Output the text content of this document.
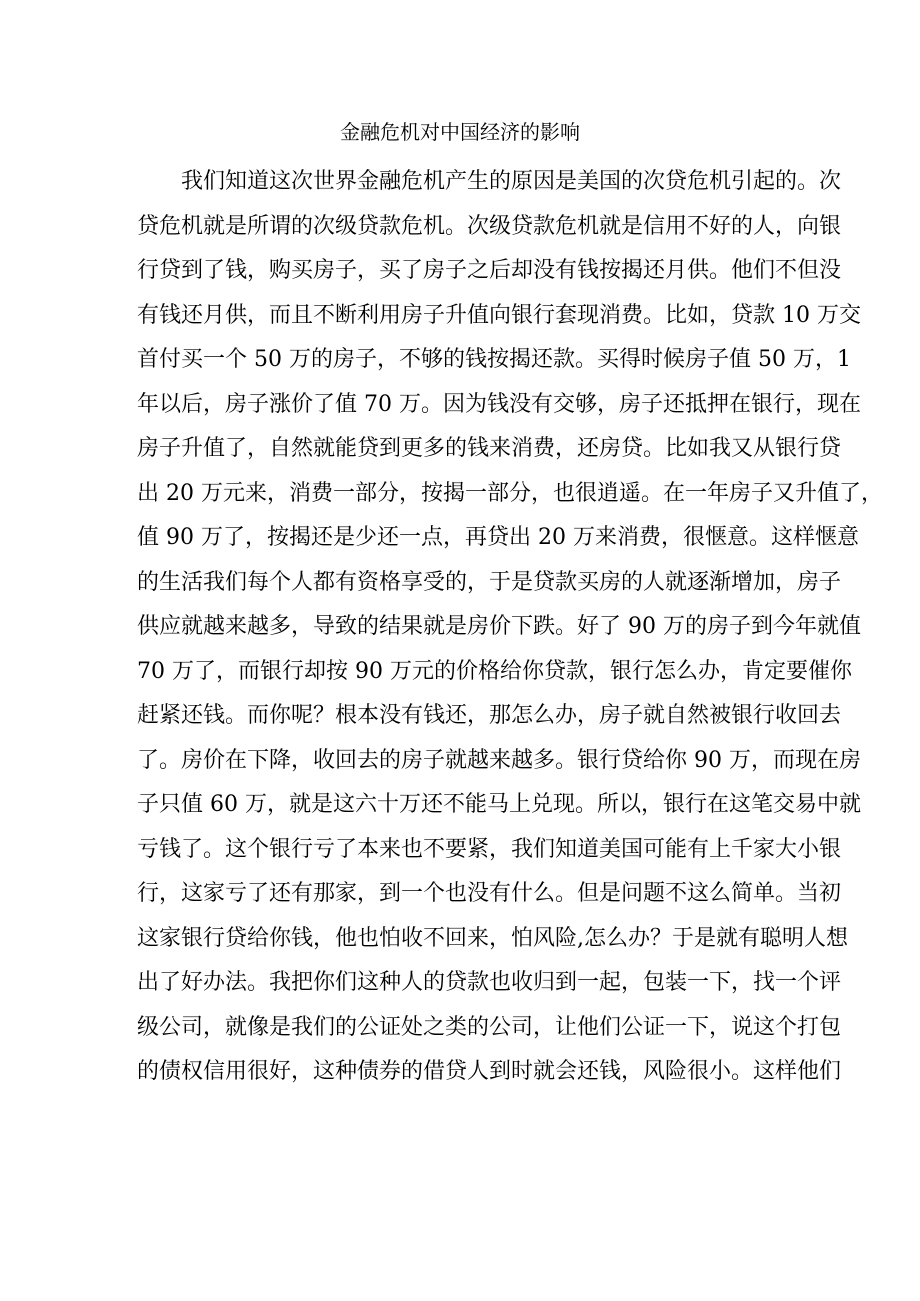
金融危机对中国经济的影响
我们知道这次世界金融危机产生的原因是美国的次贷危机引起的。次
贷危机就是所谓的次级贷款危机。次级贷款危机就是信用不好的人，向银
行贷到了钱，购买房子，买了房子之后却没有钱按揭还月供。他们不但没
有钱还月供，而且不断利用房子升值向银行套现消费。比如，贷款 10 万交
首付买一个 50 万的房子，不够的钱按揭还款。买得时候房子值 50 万，1
年以后，房子涨价了值 70 万。因为钱没有交够，房子还抵押在银行，现在
房子升值了，自然就能贷到更多的钱来消费，还房贷。比如我又从银行贷
出 20 万元来，消费一部分，按揭一部分，也很逍遥。在一年房子又升值了，
值 90 万了，按揭还是少还一点，再贷出 20 万来消费，很惬意。这样惬意
的生活我们每个人都有资格享受的，于是贷款买房的人就逐渐增加，房子
供应就越来越多，导致的结果就是房价下跌。好了 90 万的房子到今年就值
70 万了，而银行却按 90 万元的价格给你贷款，银行怎么办，肯定要催你
赶紧还钱。而你呢？根本没有钱还，那怎么办，房子就自然被银行收回去
了。房价在下降，收回去的房子就越来越多。银行贷给你 90 万，而现在房
子只值 60 万，就是这六十万还不能马上兑现。所以，银行在这笔交易中就
亏钱了。这个银行亏了本来也不要紧，我们知道美国可能有上千家大小银
行，这家亏了还有那家，到一个也没有什么。但是问题不这么简单。当初
这家银行贷给你钱，他也怕收不回来，怕风险,怎么办？于是就有聪明人想
出了好办法。我把你们这种人的贷款也收归到一起，包装一下，找一个评
级公司，就像是我们的公证处之类的公司，让他们公证一下，说这个打包
的债权信用很好，这种债券的借贷人到时就会还钱，风险很小。这样他们
